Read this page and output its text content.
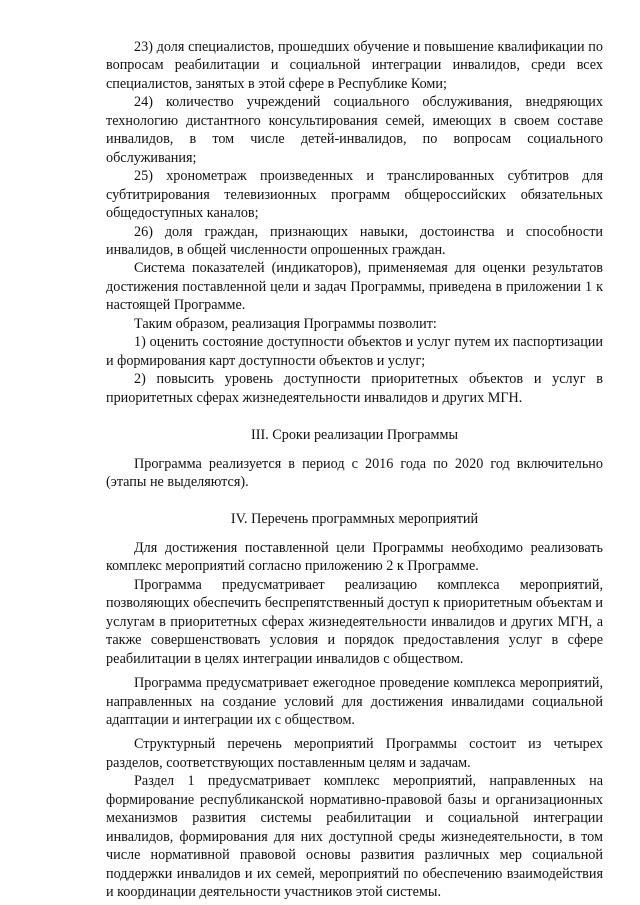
23) доля специалистов, прошедших обучение и повышение квалификации по вопросам реабилитации и социальной интеграции инвалидов, среди всех специалистов, занятых в этой сфере в Республике Коми;

24) количество учреждений социального обслуживания, внедряющих технологию дистантного консультирования семей, имеющих в своем составе инвалидов, в том числе детей-инвалидов, по вопросам социального обслуживания;

25) хронометраж произведенных и транслированных субтитров для субтитрирования телевизионных программ общероссийских обязательных общедоступных каналов;

26) доля граждан, признающих навыки, достоинства и способности инвалидов, в общей численности опрошенных граждан.

Система показателей (индикаторов), применяемая для оценки результатов достижения поставленной цели и задач Программы, приведена в приложении 1 к настоящей Программе.

Таким образом, реализация Программы позволит:

1) оценить состояние доступности объектов и услуг путем их паспортизации и формирования карт доступности объектов и услуг;

2) повысить уровень доступности приоритетных объектов и услуг в приоритетных сферах жизнедеятельности инвалидов и других МГН.

III. Сроки реализации Программы

Программа реализуется в период с 2016 года по 2020 год включительно (этапы не выделяются).

IV. Перечень программных мероприятий

Для достижения поставленной цели Программы необходимо реализовать комплекс мероприятий согласно приложению 2 к Программе.

Программа предусматривает реализацию комплекса мероприятий, позволяющих обеспечить беспрепятственный доступ к приоритетным объектам и услугам в приоритетных сферах жизнедеятельности инвалидов и других МГН, а также совершенствовать условия и порядок предоставления услуг в сфере реабилитации в целях интеграции инвалидов с обществом.

Программа предусматривает ежегодное проведение комплекса мероприятий, направленных на создание условий для достижения инвалидами социальной адаптации и интеграции их с обществом.

Структурный перечень мероприятий Программы состоит из четырех разделов, соответствующих поставленным целям и задачам.

Раздел 1 предусматривает комплекс мероприятий, направленных на формирование республиканской нормативно-правовой базы и организационных механизмов развития системы реабилитации и социальной интеграции инвалидов, формирования для них доступной среды жизнедеятельности, в том числе нормативной правовой основы развития различных мер социальной поддержки инвалидов и их семей, мероприятий по обеспечению взаимодействия и координации деятельности участников этой системы.
